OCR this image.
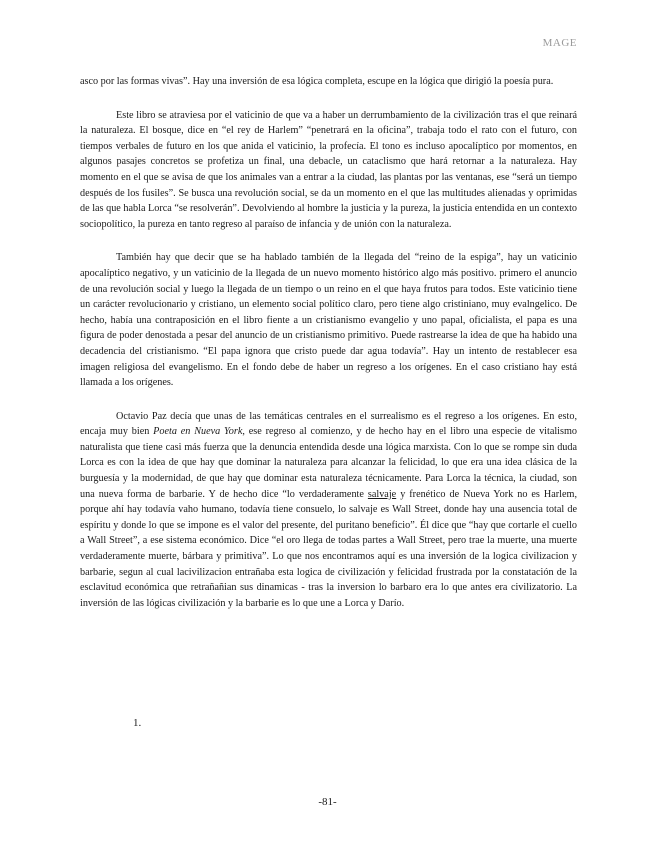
MAGE

asco por las formas vivas”. Hay una inversión de esa lógica completa, escupe en la lógica que dirigió la poesía pura.

Este libro se atraviesa por el vaticinio de que va a haber un derrumbamiento de la civilización tras el que reinará la naturaleza. El bosque, dice en “el rey de Harlem” “penetrará en la oficina”, trabaja todo el rato con el futuro, con tiempos verbales de futuro en los que anida el vaticinio, la profecía. El tono es incluso apocalíptico por momentos, en algunos pasajes concretos se profetiza un final, una debacle, un cataclismo que hará retornar a la naturaleza. Hay momento en el que se avisa de que los animales van a entrar a la ciudad, las plantas por las ventanas, ese “será un tiempo después de los fusiles”. Se busca una revolución social, se da un momento en el que las multitudes alienadas y oprimidas de las que habla Lorca “se resolverán”. Devolviendo al hombre la justicia y la pureza, la justicia entendida en un contexto sociopolítico, la pureza en tanto regreso al paraíso de infancia y de unión con la naturaleza.

También hay que decir que se ha hablado también de la llegada del “reino de la espiga”, hay un vaticinio apocalíptico negativo, y un vaticinio de la llegada de un nuevo momento histórico algo más positivo. primero el anuncio de una revolución social y luego la llegada de un tiempo o un reino en el que haya frutos para todos. Este vaticinio tiene un carácter revolucionario y cristiano, un elemento social político claro, pero tiene algo cristiniano, muy evalngelico. De hecho, había una contraposición en el libro fiente a un cristianismo evangelio y uno papal, oficialista, el papa es una figura de poder denostada a pesar del anuncio de un cristianismo primitivo. Puede rastrearse la idea de que ha habido una decadencia del cristianismo. “El papa ignora que cristo puede dar agua todavía”. Hay un intento de restablecer esa imagen religiosa del evangelismo. En el fondo debe de haber un regreso a los orígenes. En el caso cristiano hay está llamada a los orígenes.

Octavio Paz decía que unas de las temáticas centrales en el surrealismo es el regreso a los orígenes. En esto, encaja muy bien Poeta en Nueva York, ese regreso al comienzo, y de hecho hay en el libro una especie de vitalismo naturalista que tiene casi más fuerza que la denuncia entendida desde una lógica marxista. Con lo que se rompe sin duda Lorca es con la idea de que hay que dominar la naturaleza para alcanzar la felicidad, lo que era una idea clásica de la burguesía y la modernidad, de que hay que dominar esta naturaleza técnicamente. Para Lorca la técnica, la ciudad, son una nueva forma de barbarie. Y de hecho dice “lo verdaderamente salvaje y frenético de Nueva York no es Harlem, porque ahí hay todavía vaho humano, todavía tiene consuelo, lo salvaje es Wall Street, donde hay una ausencia total de espíritu y donde lo que se impone es el valor del presente, del puritano beneficio”. Él dice que “hay que cortarle el cuello a Wall Street”, a ese sistema económico. Dice “el oro llega de todas partes a Wall Street, pero trae la muerte, una muerte verdaderamente muerte, bárbara y primitiva”. Lo que nos encontramos aquí es una inversión de la logica civilizacion y barbarie, segun al cual lacivilizacion entrañaba esta logica de civilización y felicidad frustrada por la constatación de la esclavitud económica que retrañañian sus dinamicas - tras la inversion lo barbaro era lo que antes era civilizatorio. La inversión de las lógicas civilización y la barbarie es lo que une a Lorca y Darío.

1.
-81-
